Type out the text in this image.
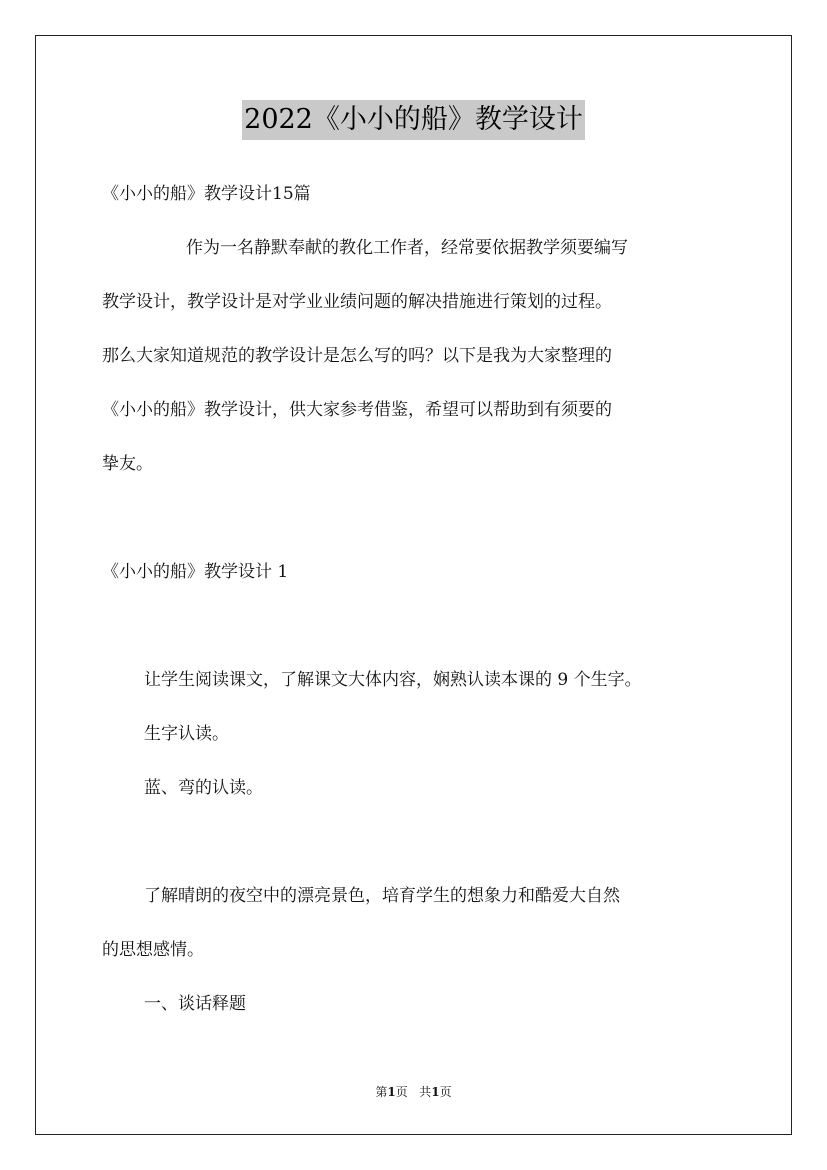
2022《小小的船》教学设计
《小小的船》教学设计15篇
作为一名静默奉献的教化工作者，经常要依据教学须要编写
教学设计，教学设计是对学业业绩问题的解决措施进行策划的过程。
那么大家知道规范的教学设计是怎么写的吗？以下是我为大家整理的
《小小的船》教学设计，供大家参考借鉴，希望可以帮助到有须要的
挚友。
《小小的船》教学设计 1
让学生阅读课文，了解课文大体内容，娴熟认读本课的 9 个生字。
生字认读。
蓝、弯的认读。
了解晴朗的夜空中的漂亮景色，培育学生的想象力和酷爱大自然
的思想感情。
一、谈话释题
第1页 共1页
